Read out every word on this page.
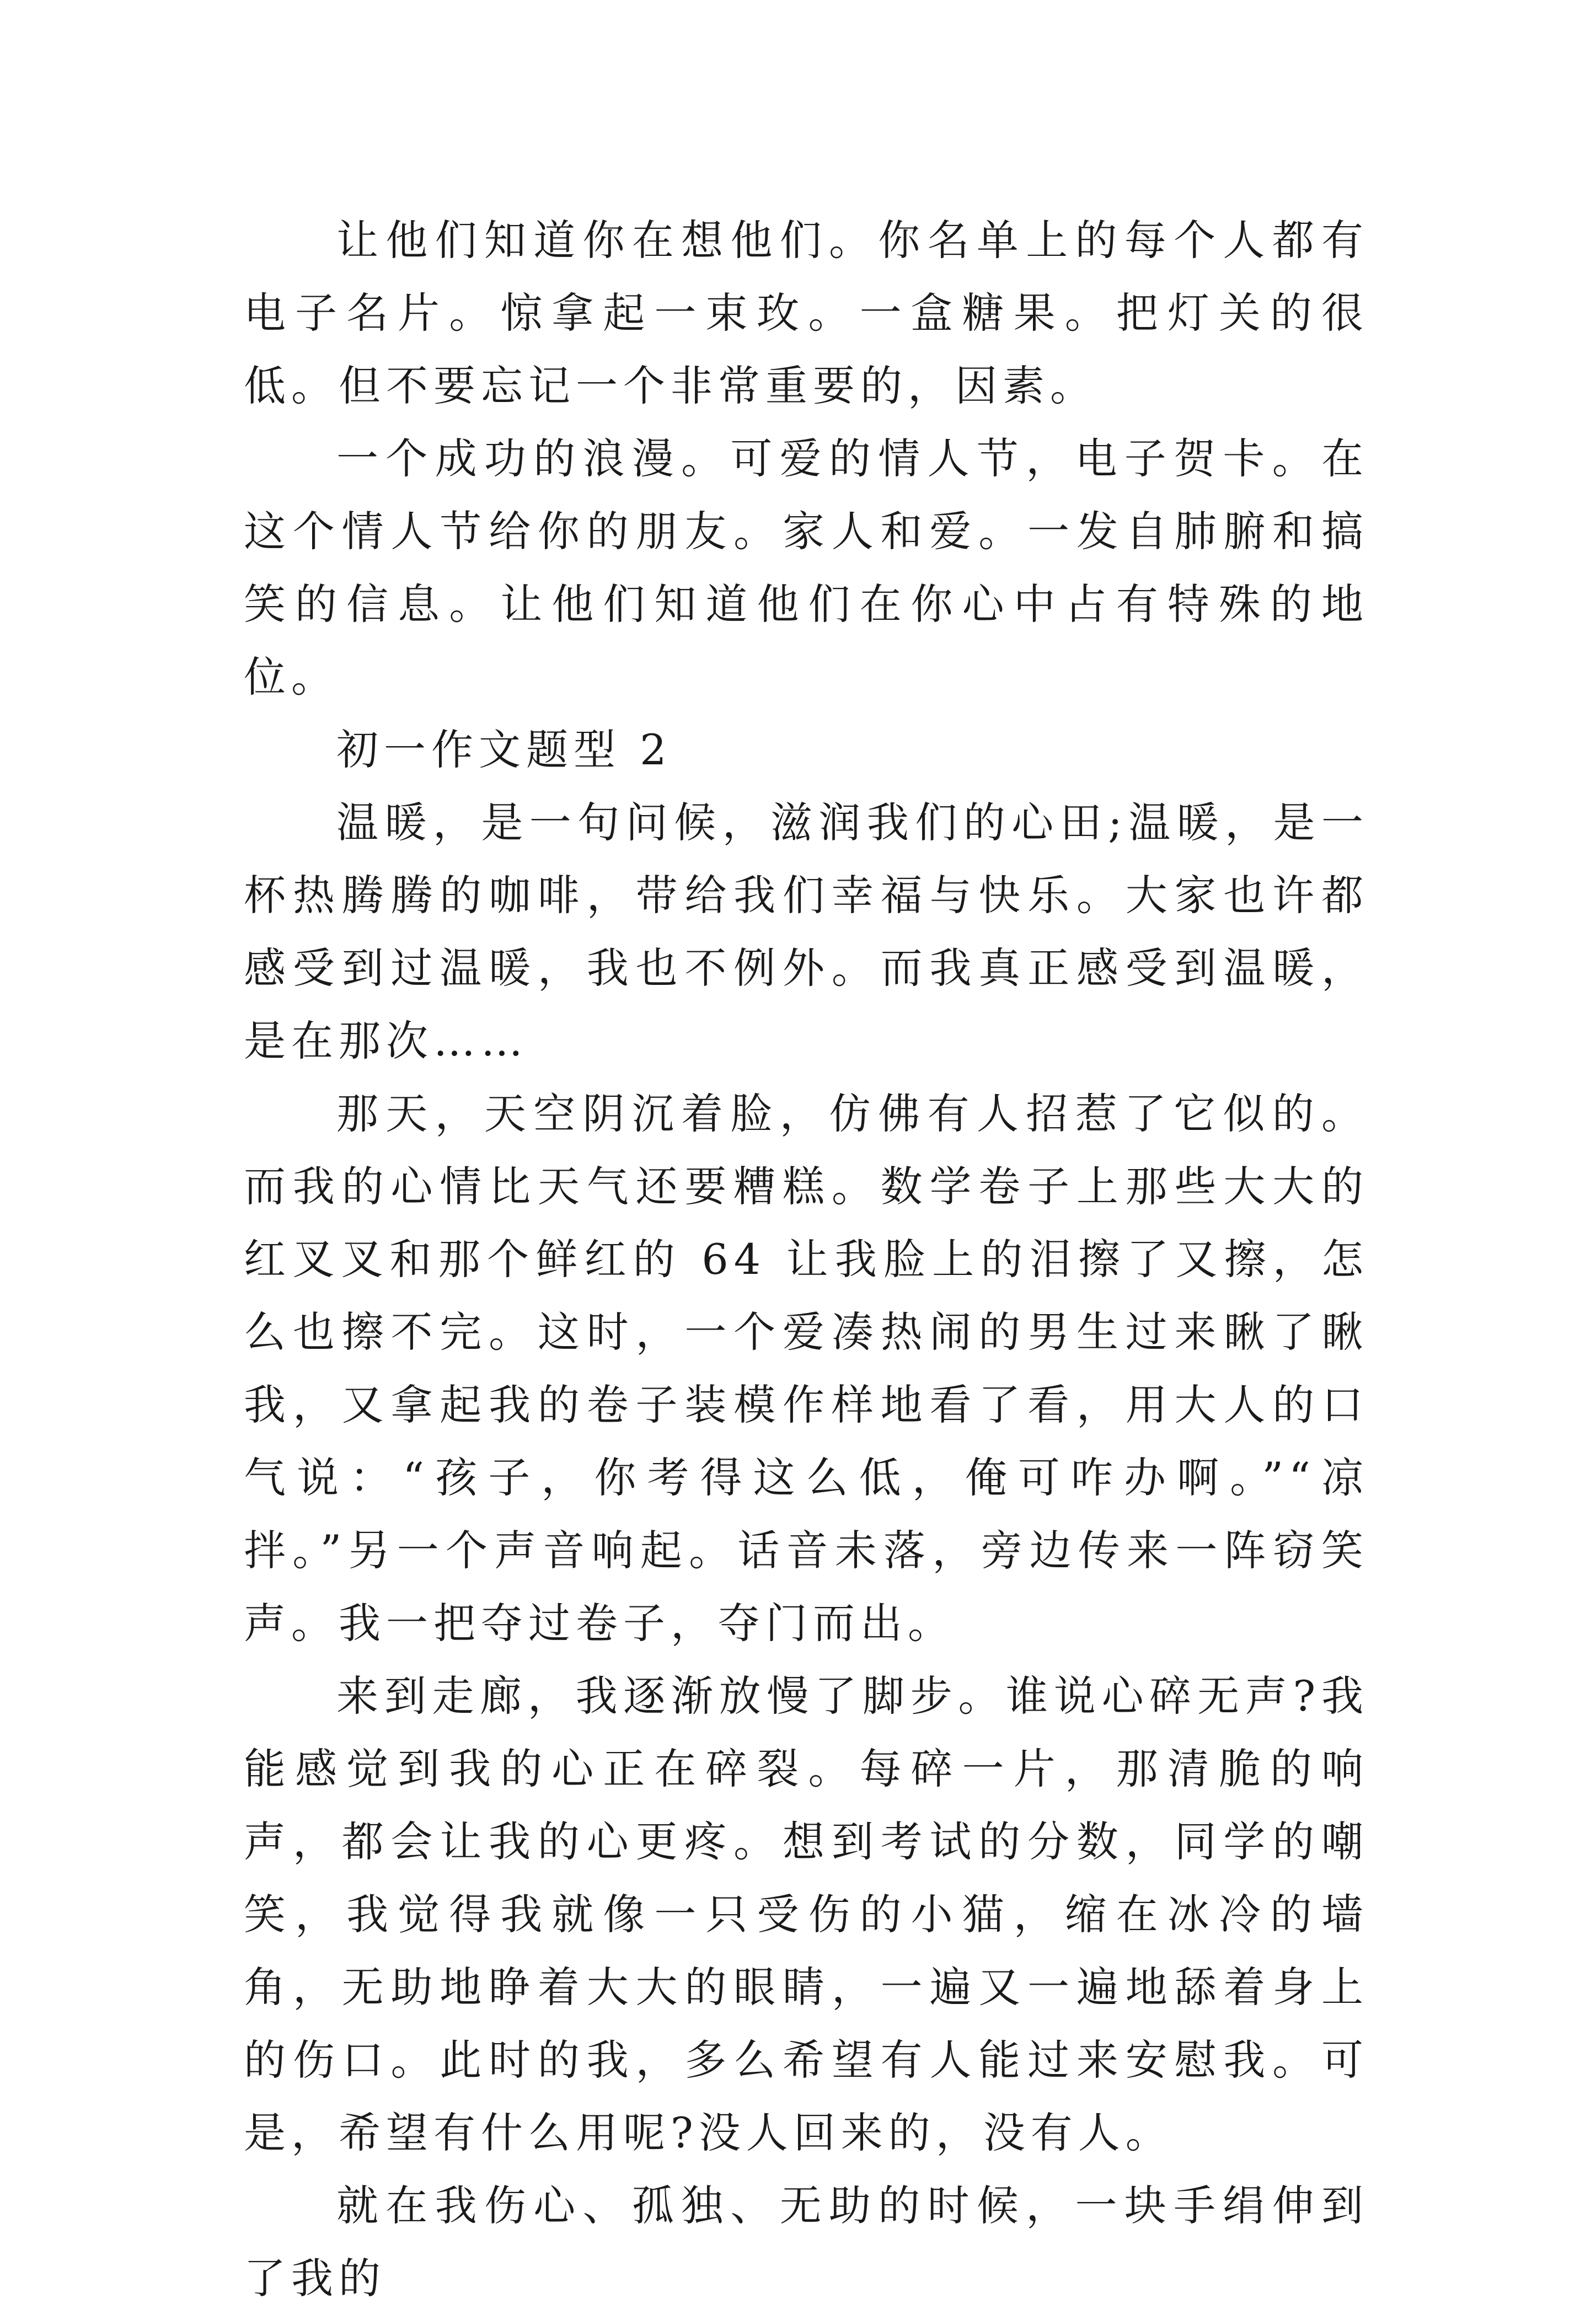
让他们知道你在想他们。你名单上的每个人都有电子名片。惊拿起一束玫。一盒糖果。把灯关的很低。但不要忘记一个非常重要的，因素。

一个成功的浪漫。可爱的情人节，电子贺卡。在这个情人节给你的朋友。家人和爱。一发自肺腑和搞笑的信息。让他们知道他们在你心中占有特殊的地位。

初一作文题型 2

温暖，是一句问候，滋润我们的心田;温暖，是一杯热腾腾的咖啡，带给我们幸福与快乐。大家也许都感受到过温暖，我也不例外。而我真正感受到温暖，是在那次……

那天，天空阴沉着脸，仿佛有人招惹了它似的。而我的心情比天气还要糟糕。数学卷子上那些大大的红叉叉和那个鲜红的 64 让我脸上的泪擦了又擦，怎么也擦不完。这时，一个爱凑热闹的男生过来瞅了瞅我，又拿起我的卷子装模作样地看了看，用大人的口气说：“孩子，你考得这么低，俺可咋办啊。”“凉拌。”另一个声音响起。话音未落，旁边传来一阵窃笑声。我一把夺过卷子，夺门而出。

来到走廊，我逐渐放慢了脚步。谁说心碎无声?我能感觉到我的心正在碎裂。每碎一片，那清脆的响声，都会让我的心更疼。想到考试的分数，同学的嘲笑，我觉得我就像一只受伤的小猫，缩在冰冷的墙角，无助地睁着大大的眼睛，一遍又一遍地舔着身上的伤口。此时的我，多么希望有人能过来安慰我。可是，希望有什么用呢?没人回来的，没有人。

就在我伤心、孤独、无助的时候，一块手绢伸到了我的
